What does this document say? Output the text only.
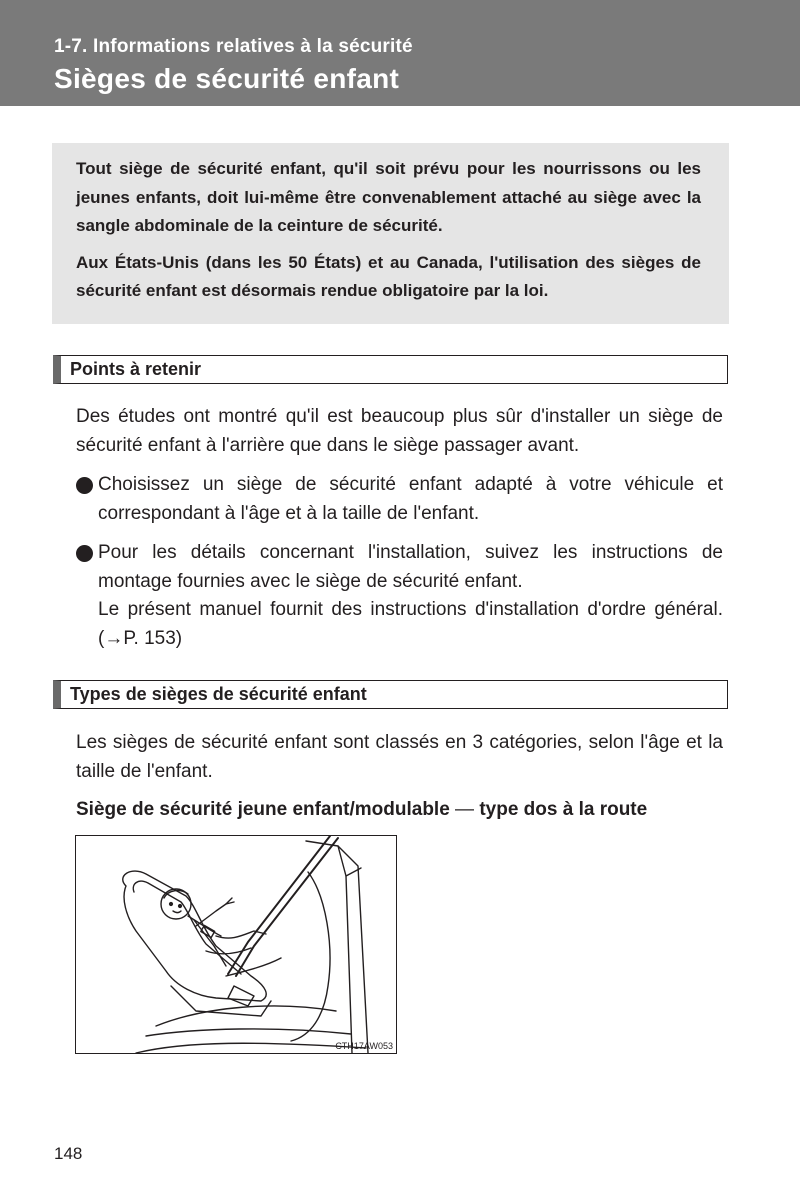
1-7. Informations relatives à la sécurité
Sièges de sécurité enfant

Tout siège de sécurité enfant, qu'il soit prévu pour les nourrissons ou les jeunes enfants, doit lui-même être convenablement attaché au siège avec la sangle abdominale de la ceinture de sécurité.

Aux États-Unis (dans les 50 États) et au Canada, l'utilisation des sièges de sécurité enfant est désormais rendue obligatoire par la loi.

Points à retenir
Des études ont montré qu'il est beaucoup plus sûr d'installer un siège de sécurité enfant à l'arrière que dans le siège passager avant.
Choisissez un siège de sécurité enfant adapté à votre véhicule et correspondant à l'âge et à la taille de l'enfant.

Pour les détails concernant l'installation, suivez les instructions de montage fournies avec le siège de sécurité enfant.

Le présent manuel fournit des instructions d'installation d'ordre général. (→P. 153)

Types de sièges de sécurité enfant
Les sièges de sécurité enfant sont classés en 3 catégories, selon l'âge et la taille de l'enfant.
Siège de sécurité jeune enfant/modulable — type dos à la route
CTH17AW053
148
